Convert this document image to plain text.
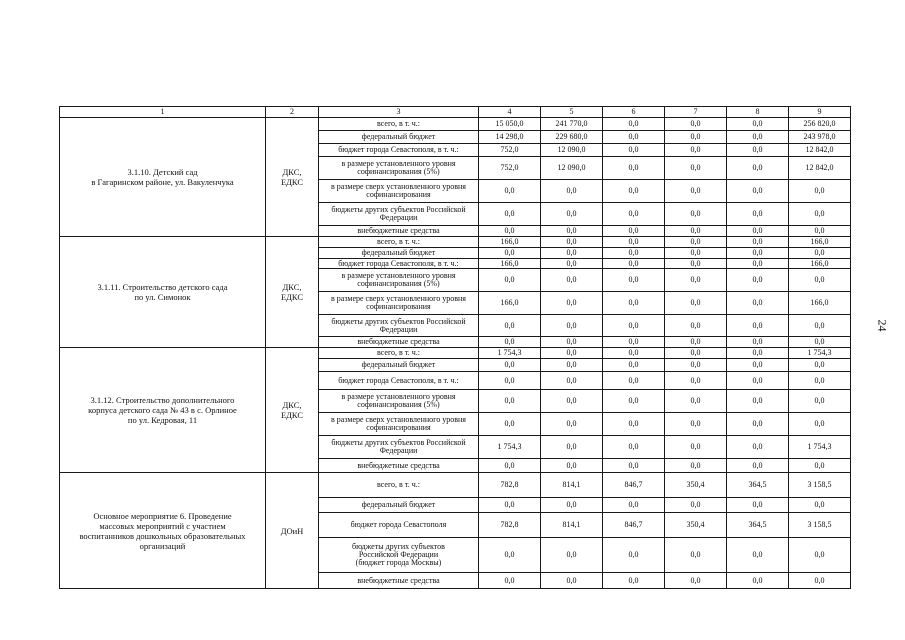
1	2	3	4	5	6	7	8	9
3.1.10. Детский сад
в Гагаринском районе, ул. Вакуленчука	ДКС,
ЕДКС	всего, в т. ч.:	15 050,0	241 770,0	0,0	0,0	0,0	256 820,0
		федеральный бюджет	14 298,0	229 680,0	0,0	0,0	0,0	243 978,0
		бюджет города Севастополя, в т. ч.:	752,0	12 090,0	0,0	0,0	0,0	12 842,0
		в размере установленного уровня софинансирования (5%)	752,0	12 090,0	0,0	0,0	0,0	12 842,0
		в размере сверх установленного уровня софинансирования	0,0	0,0	0,0	0,0	0,0	0,0
		бюджеты других субъектов Российской Федерации	0,0	0,0	0,0	0,0	0,0	0,0
		внебюджетные средства	0,0	0,0	0,0	0,0	0,0	0,0
3.1.11. Строительство детского сада
по ул. Симонок	ДКС,
ЕДКС	всего, в т. ч.:	166,0	0,0	0,0	0,0	0,0	166,0
		федеральный бюджет	0,0	0,0	0,0	0,0	0,0	0,0
		бюджет города Севастополя, в т. ч.:	166,0	0,0	0,0	0,0	0,0	166,0
		в размере установленного уровня софинансирования (5%)	0,0	0,0	0,0	0,0	0,0	0,0
		в размере сверх установленного уровня софинансирования	166,0	0,0	0,0	0,0	0,0	166,0
		бюджеты других субъектов Российской Федерации	0,0	0,0	0,0	0,0	0,0	0,0
		внебюджетные средства	0,0	0,0	0,0	0,0	0,0	0,0
3.1.12. Строительство дополнительного
корпуса детского сада № 43 в с. Орлиное
по ул. Кедровая, 11	ДКС,
ЕДКС	всего, в т. ч.:	1 754,3	0,0	0,0	0,0	0,0	1 754,3
		федеральный бюджет	0,0	0,0	0,0	0,0	0,0	0,0
		бюджет города Севастополя, в т. ч.:	0,0	0,0	0,0	0,0	0,0	0,0
		в размере установленного уровня софинансирования (5%)	0,0	0,0	0,0	0,0	0,0	0,0
		в размере сверх установленного уровня софинансирования	0,0	0,0	0,0	0,0	0,0	0,0
		бюджеты других субъектов Российской Федерации	1 754,3	0,0	0,0	0,0	0,0	1 754,3
		внебюджетные средства	0,0	0,0	0,0	0,0	0,0	0,0
Основное мероприятие 6. Проведение
массовых мероприятий с участием
воспитанников дошкольных образовательных
организаций	ДОиН	всего, в т. ч.:	782,8	814,1	846,7	350,4	364,5	3 158,5
		федеральный бюджет	0,0	0,0	0,0	0,0	0,0	0,0
		бюджет города Севастополя	782,8	814,1	846,7	350,4	364,5	3 158,5
		бюджеты других субъектов
Российской Федерации
(бюджет города Москвы)	0,0	0,0	0,0	0,0	0,0	0,0
		внебюджетные средства	0,0	0,0	0,0	0,0	0,0	0,0
24
